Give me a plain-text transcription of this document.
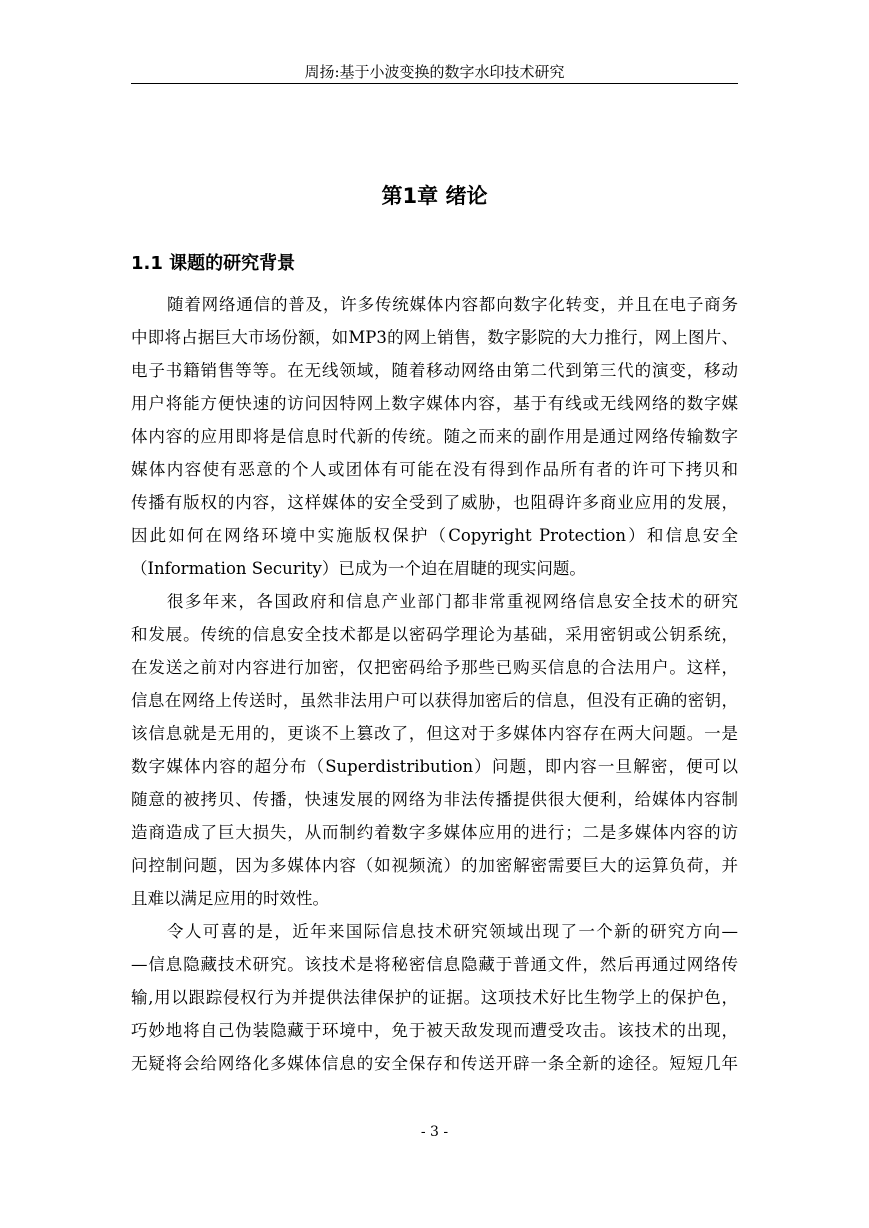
周扬:基于小波变换的数字水印技术研究
第1章 绪论
1.1 课题的研究背景
随着网络通信的普及，许多传统媒体内容都向数字化转变，并且在电子商务
中即将占据巨大市场份额，如MP3的网上销售，数字影院的大力推行，网上图片、
电子书籍销售等等。在无线领域，随着移动网络由第二代到第三代的演变，移动
用户将能方便快速的访问因特网上数字媒体内容，基于有线或无线网络的数字媒
体内容的应用即将是信息时代新的传统。随之而来的副作用是通过网络传输数字
媒体内容使有恶意的个人或团体有可能在没有得到作品所有者的许可下拷贝和
传播有版权的内容，这样媒体的安全受到了威胁，也阻碍许多商业应用的发展，
因此如何在网络环境中实施版权保护（Copyright Protection）和信息安全
（Information Security）已成为一个迫在眉睫的现实问题。
很多年来，各国政府和信息产业部门都非常重视网络信息安全技术的研究
和发展。传统的信息安全技术都是以密码学理论为基础，采用密钥或公钥系统，
在发送之前对内容进行加密，仅把密码给予那些已购买信息的合法用户。这样，
信息在网络上传送时，虽然非法用户可以获得加密后的信息，但没有正确的密钥，
该信息就是无用的，更谈不上篡改了，但这对于多媒体内容存在两大问题。一是
数字媒体内容的超分布（Superdistribution）问题，即内容一旦解密，便可以
随意的被拷贝、传播，快速发展的网络为非法传播提供很大便利，给媒体内容制
造商造成了巨大损失，从而制约着数字多媒体应用的进行；二是多媒体内容的访
问控制问题，因为多媒体内容（如视频流）的加密解密需要巨大的运算负荷，并
且难以满足应用的时效性。
令人可喜的是，近年来国际信息技术研究领域出现了一个新的研究方向—
—信息隐藏技术研究。该技术是将秘密信息隐藏于普通文件，然后再通过网络传
输,用以跟踪侵权行为并提供法律保护的证据。这项技术好比生物学上的保护色，
巧妙地将自己伪装隐藏于环境中，免于被天敌发现而遭受攻击。该技术的出现，
无疑将会给网络化多媒体信息的安全保存和传送开辟一条全新的途径。短短几年
- 3 -
